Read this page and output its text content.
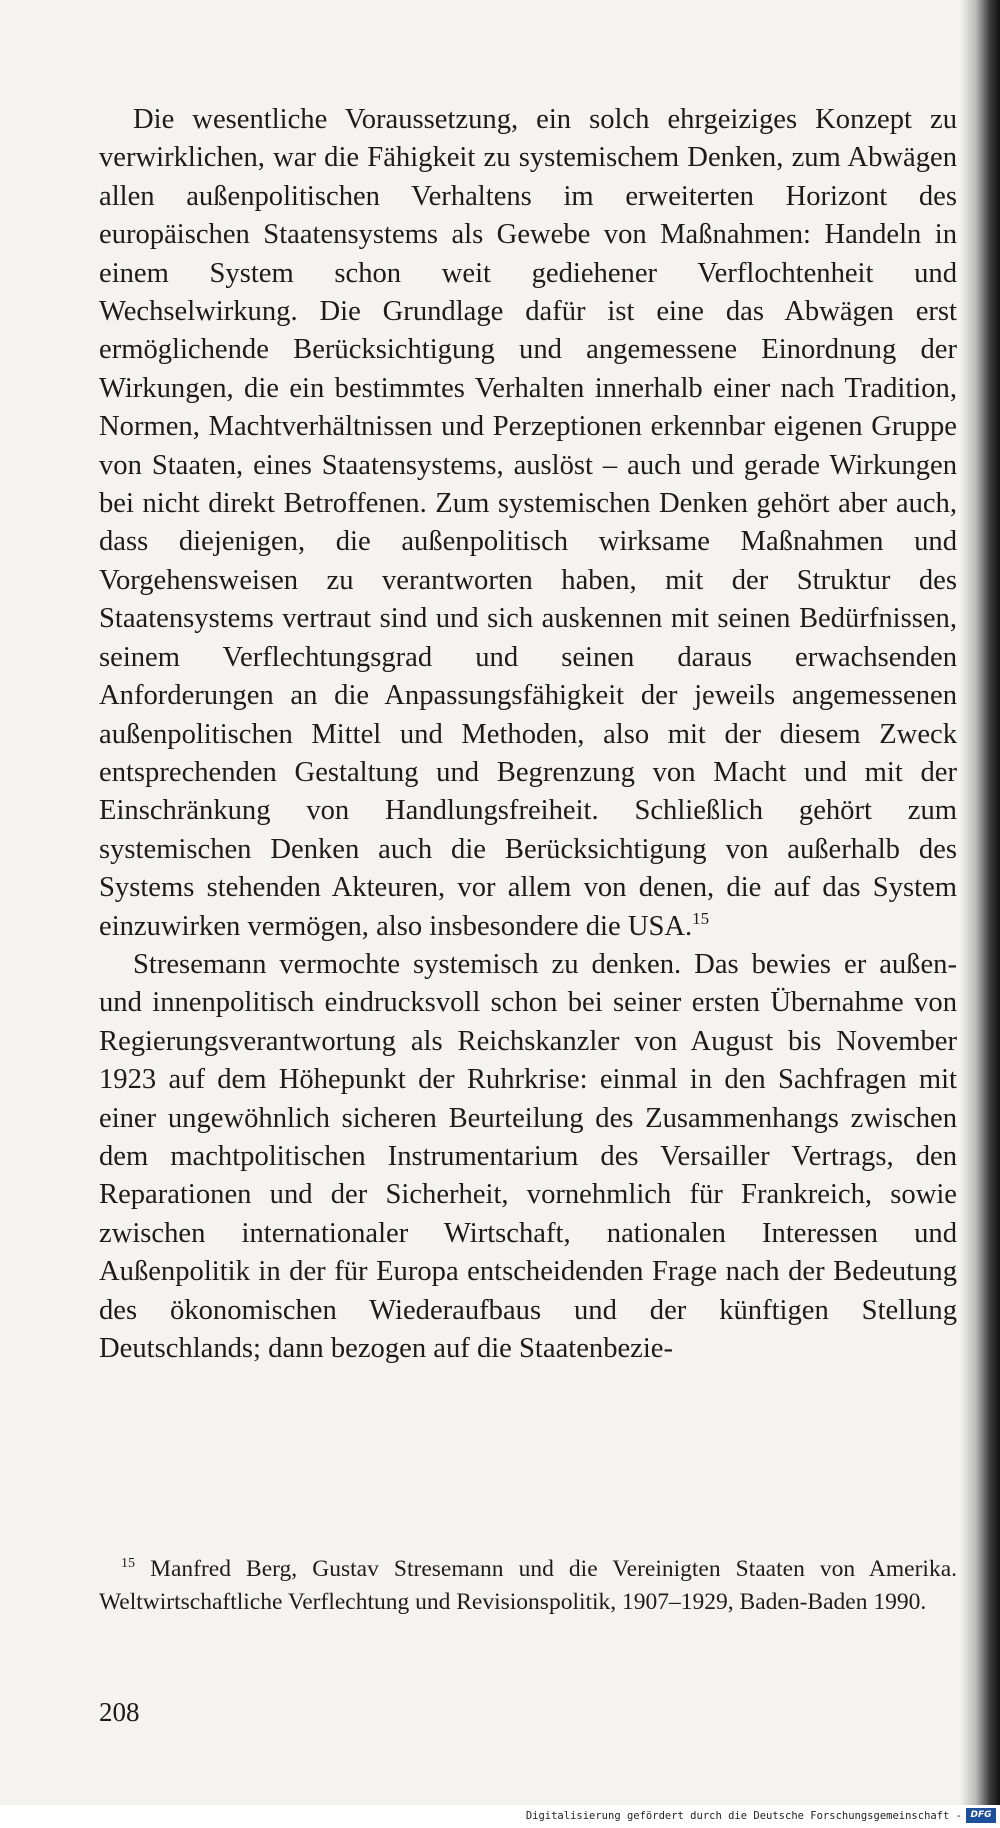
Die wesentliche Voraussetzung, ein solch ehrgeiziges Konzept zu verwirklichen, war die Fähigkeit zu systemischem Denken, zum Abwägen allen außenpolitischen Verhaltens im erweiterten Horizont des europäischen Staatensystems als Gewebe von Maßnahmen: Handeln in einem System schon weit gediehener Verflochtenheit und Wechselwirkung. Die Grundlage dafür ist eine das Abwägen erst ermöglichende Berücksichtigung und angemessene Einordnung der Wirkungen, die ein bestimmtes Verhalten innerhalb einer nach Tradition, Normen, Machtverhältnissen und Perzeptionen erkennbar eigenen Gruppe von Staaten, eines Staatensystems, auslöst – auch und gerade Wirkungen bei nicht direkt Betroffenen. Zum systemischen Denken gehört aber auch, dass diejenigen, die außenpolitisch wirksame Maßnahmen und Vorgehensweisen zu verantworten haben, mit der Struktur des Staatensystems vertraut sind und sich auskennen mit seinen Bedürfnissen, seinem Verflechtungsgrad und seinen daraus erwachsenden Anforderungen an die Anpassungsfähigkeit der jeweils angemessenen außenpolitischen Mittel und Methoden, also mit der diesem Zweck entsprechenden Gestaltung und Begrenzung von Macht und mit der Einschränkung von Handlungsfreiheit. Schließlich gehört zum systemischen Denken auch die Berücksichtigung von außerhalb des Systems stehenden Akteuren, vor allem von denen, die auf das System einzuwirken vermögen, also insbesondere die USA.$^{15}$

Stresemann vermochte systemisch zu denken. Das bewies er außen- und innenpolitisch eindrucksvoll schon bei seiner ersten Übernahme von Regierungsverantwortung als Reichskanzler von August bis November 1923 auf dem Höhepunkt der Ruhrkrise: einmal in den Sachfragen mit einer ungewöhnlich sicheren Beurteilung des Zusammenhangs zwischen dem machtpolitischen Instrumentarium des Versailler Vertrags, den Reparationen und der Sicherheit, vornehmlich für Frankreich, sowie zwischen internationaler Wirtschaft, nationalen Interessen und Außenpolitik in der für Europa entscheidenden Frage nach der Bedeutung des ökonomischen Wiederaufbaus und der künftigen Stellung Deutschlands; dann bezogen auf die Staatenbezie-

$^{15}$ Manfred Berg, Gustav Stresemann und die Vereinigten Staaten von Amerika. Weltwirtschaftliche Verflechtung und Revisionspolitik, 1907–1929, Baden-Baden 1990.

208
Digitalisierung gefördert durch die Deutsche Forschungsgemeinschaft - DFG
